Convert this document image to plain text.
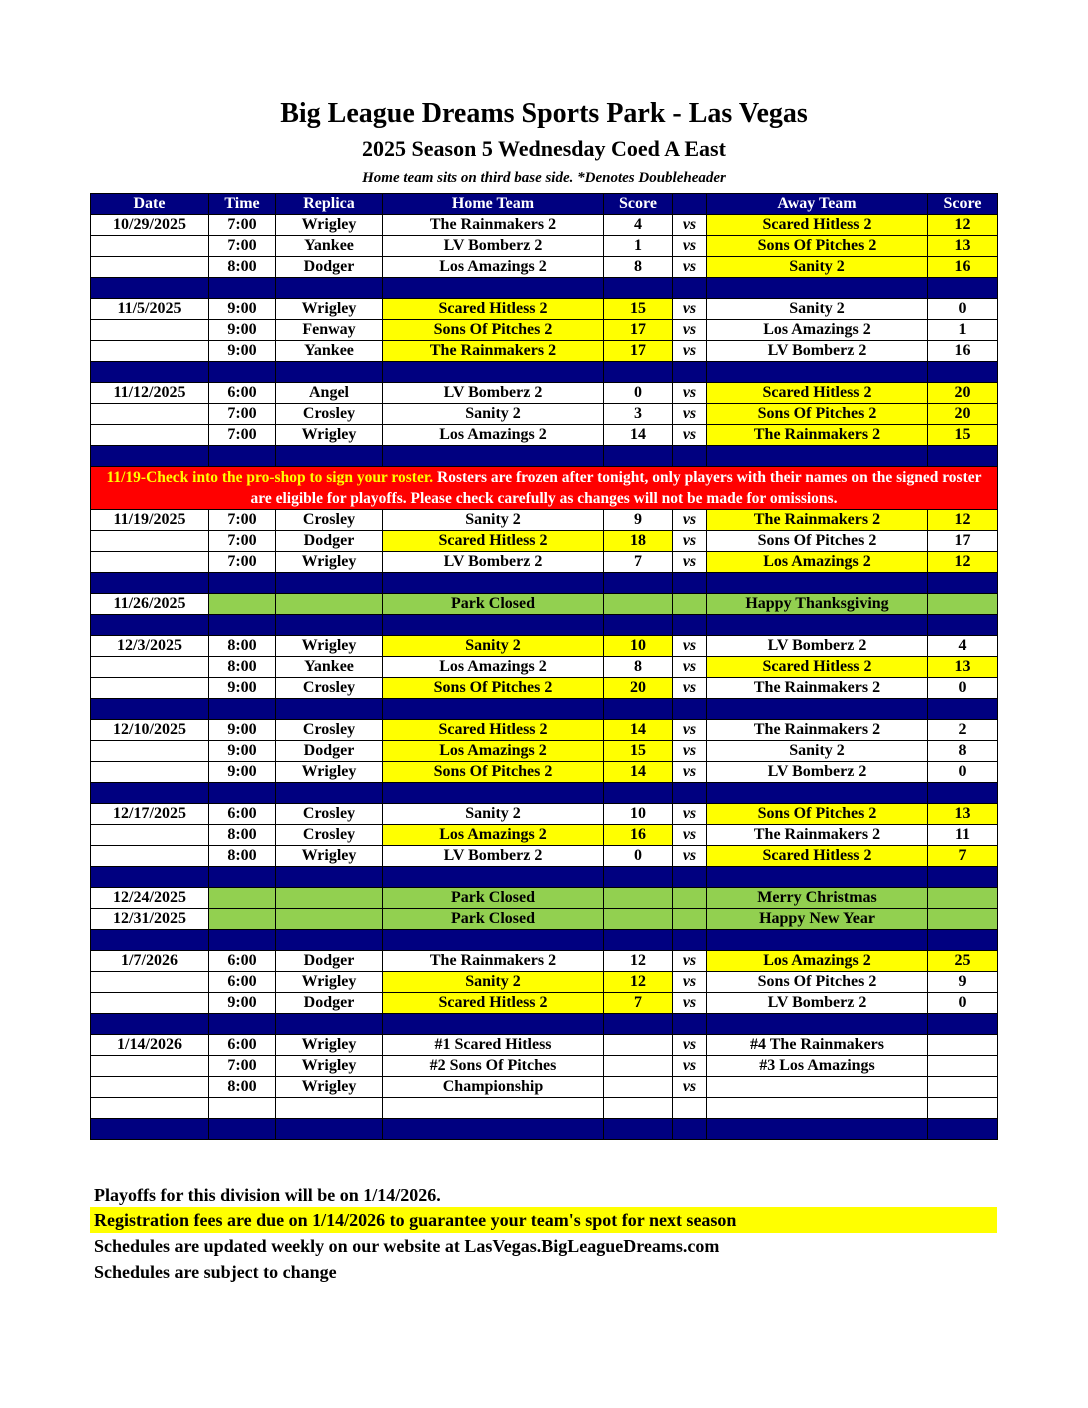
Big League Dreams Sports Park - Las Vegas
2025 Season 5 Wednesday Coed A East
Home team sits on third base side. *Denotes Doubleheader
Date	Time	Replica	Home Team	Score		Away Team	Score
10/29/2025	7:00	Wrigley	The Rainmakers 2	4	vs	Scared Hitless 2	12
	7:00	Yankee	LV Bomberz 2	1	vs	Sons Of Pitches 2	13
	8:00	Dodger	Los Amazings 2	8	vs	Sanity 2	16

11/5/2025	9:00	Wrigley	Scared Hitless 2	15	vs	Sanity 2	0
	9:00	Fenway	Sons Of Pitches 2	17	vs	Los Amazings 2	1
	9:00	Yankee	The Rainmakers 2	17	vs	LV Bomberz 2	16

11/12/2025	6:00	Angel	LV Bomberz 2	0	vs	Scared Hitless 2	20
	7:00	Crosley	Sanity 2	3	vs	Sons Of Pitches 2	20
	7:00	Wrigley	Los Amazings 2	14	vs	The Rainmakers 2	15

11/19-Check into the pro-shop to sign your roster. Rosters are frozen after tonight, only players with their names on the signed roster are eligible for playoffs. Please check carefully as changes will not be made for omissions.							
11/19/2025	7:00	Crosley	Sanity 2	9	vs	The Rainmakers 2	12
	7:00	Dodger	Scared Hitless 2	18	vs	Sons Of Pitches 2	17
	7:00	Wrigley	LV Bomberz 2	7	vs	Los Amazings 2	12

11/26/2025			Park Closed			Happy Thanksgiving	

12/3/2025	8:00	Wrigley	Sanity 2	10	vs	LV Bomberz 2	4
	8:00	Yankee	Los Amazings 2	8	vs	Scared Hitless 2	13
	9:00	Crosley	Sons Of Pitches 2	20	vs	The Rainmakers 2	0

12/10/2025	9:00	Crosley	Scared Hitless 2	14	vs	The Rainmakers 2	2
	9:00	Dodger	Los Amazings 2	15	vs	Sanity 2	8
	9:00	Wrigley	Sons Of Pitches 2	14	vs	LV Bomberz 2	0

12/17/2025	6:00	Crosley	Sanity 2	10	vs	Sons Of Pitches 2	13
	8:00	Crosley	Los Amazings 2	16	vs	The Rainmakers 2	11
	8:00	Wrigley	LV Bomberz 2	0	vs	Scared Hitless 2	7

12/24/2025			Park Closed			Merry Christmas	
12/31/2025			Park Closed			Happy New Year	

1/7/2026	6:00	Dodger	The Rainmakers 2	12	vs	Los Amazings 2	25
	6:00	Wrigley	Sanity 2	12	vs	Sons Of Pitches 2	9
	9:00	Dodger	Scared Hitless 2	7	vs	LV Bomberz 2	0

1/14/2026	6:00	Wrigley	#1 Scared Hitless		vs	#4 The Rainmakers	
	7:00	Wrigley	#2 Sons Of Pitches		vs	#3 Los Amazings	
	8:00	Wrigley	Championship		vs		

Playoffs for this division will be on 1/14/2026.
Registration fees are due on 1/14/2026 to guarantee your team's spot for next season
Schedules are updated weekly on our website at LasVegas.BigLeagueDreams.com
Schedules are subject to change
